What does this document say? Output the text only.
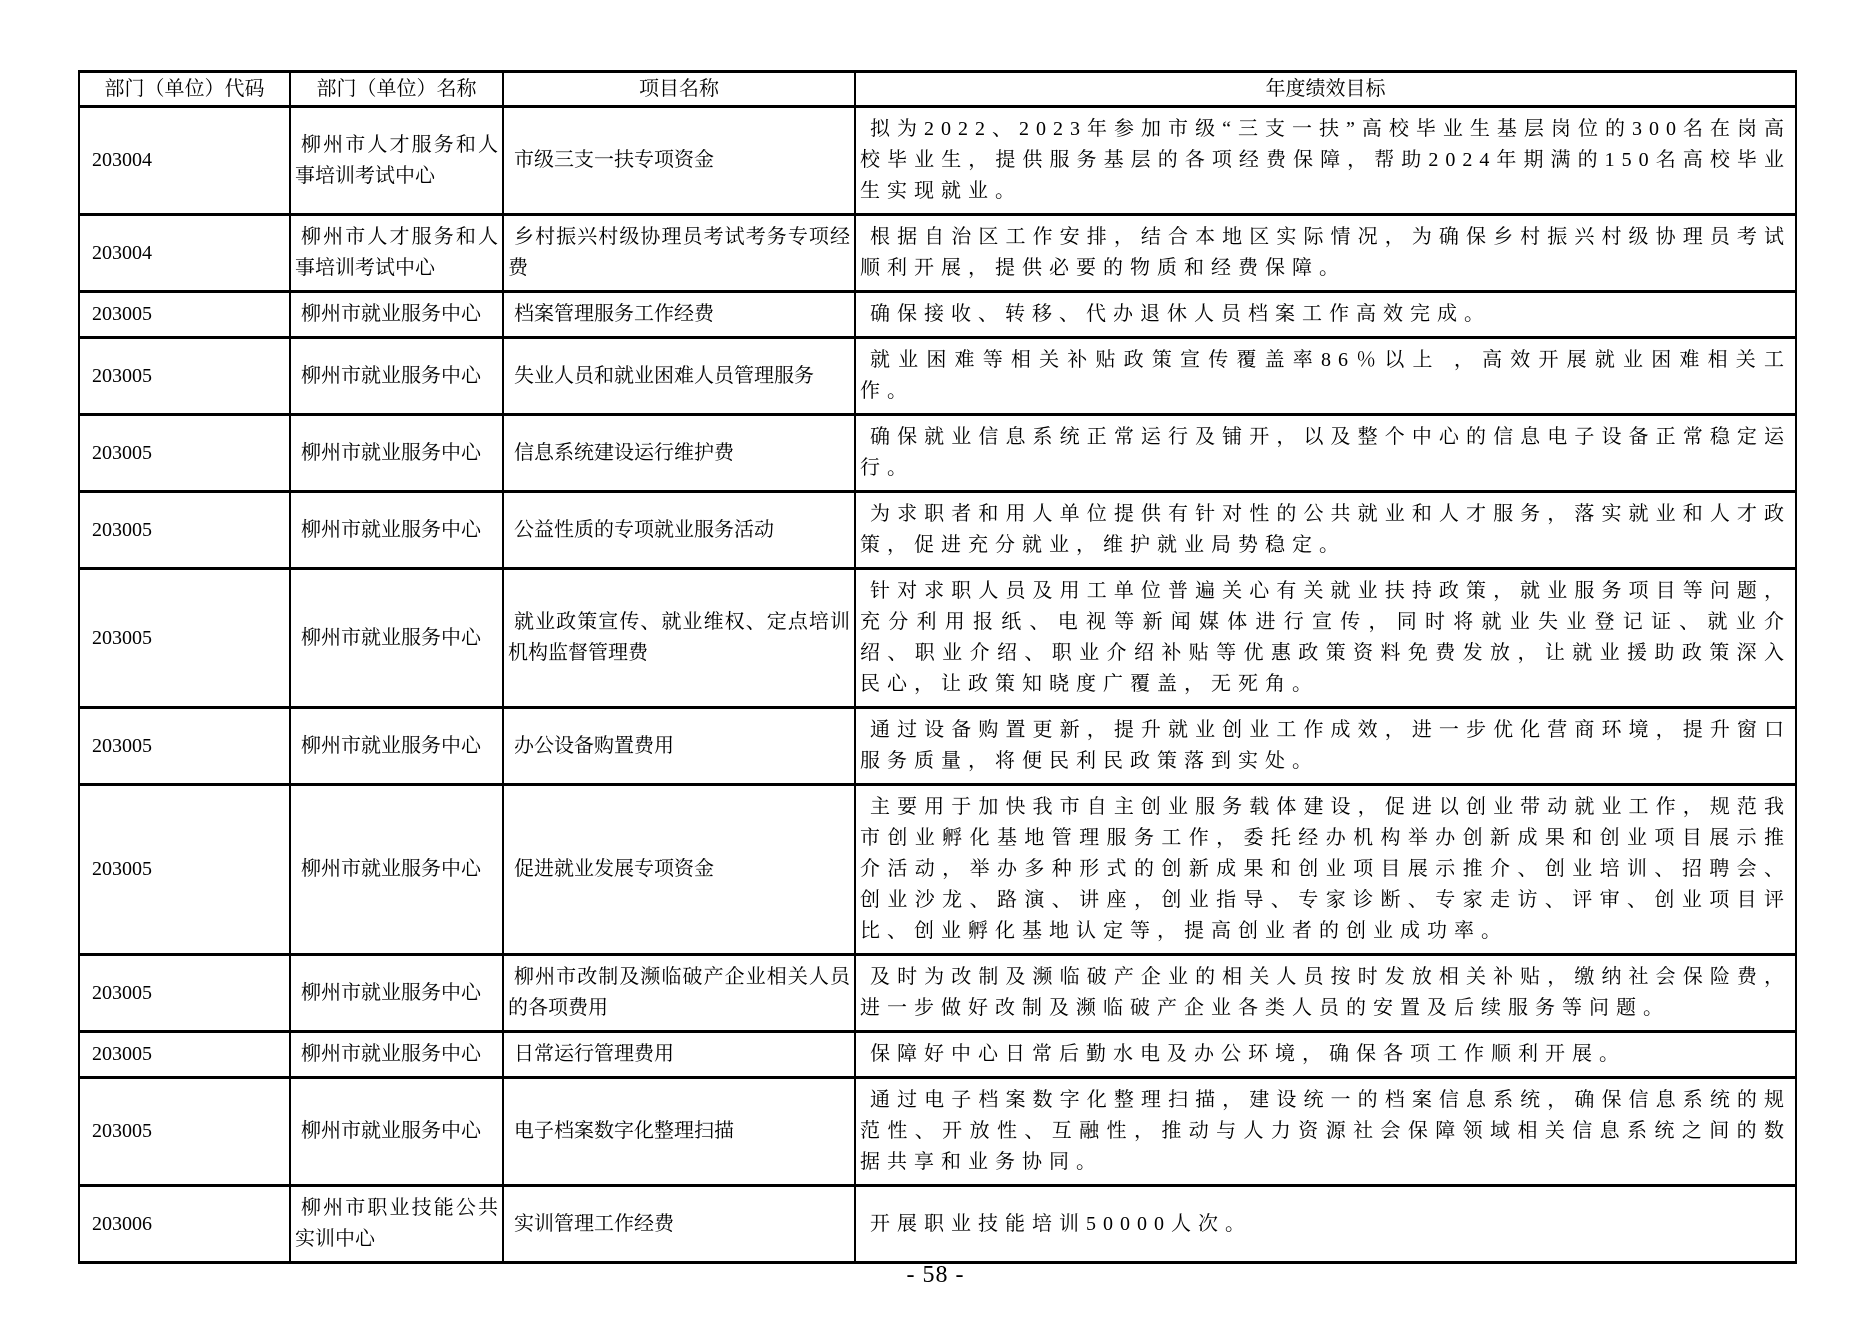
部门（单位）代码	部门（单位）名称	项目名称	年度绩效目标
203004	柳州市人才服务和人事培训考试中心	市级三支一扶专项资金	拟为2022、2023年参加市级“三支一扶”高校毕业生基层岗位的300名在岗高校毕业生，提供服务基层的各项经费保障，帮助2024年期满的150名高校毕业生实现就业。
203004	柳州市人才服务和人事培训考试中心	乡村振兴村级协理员考试考务专项经费	根据自治区工作安排，结合本地区实际情况，为确保乡村振兴村级协理员考试顺利开展，提供必要的物质和经费保障。
203005	柳州市就业服务中心	档案管理服务工作经费	确保接收、转移、代办退休人员档案工作高效完成。
203005	柳州市就业服务中心	失业人员和就业困难人员管理服务	就业困难等相关补贴政策宣传覆盖率86％以上 ，高效开展就业困难相关工作。
203005	柳州市就业服务中心	信息系统建设运行维护费	确保就业信息系统正常运行及铺开，以及整个中心的信息电子设备正常稳定运行。
203005	柳州市就业服务中心	公益性质的专项就业服务活动	为求职者和用人单位提供有针对性的公共就业和人才服务，落实就业和人才政策，促进充分就业，维护就业局势稳定。
203005	柳州市就业服务中心	就业政策宣传、就业维权、定点培训机构监督管理费	针对求职人员及用工单位普遍关心有关就业扶持政策，就业服务项目等问题，充分利用报纸、电视等新闻媒体进行宣传，同时将就业失业登记证、就业介绍、职业介绍、职业介绍补贴等优惠政策资料免费发放，让就业援助政策深入民心，让政策知晓度广覆盖，无死角。
203005	柳州市就业服务中心	办公设备购置费用	通过设备购置更新，提升就业创业工作成效，进一步优化营商环境，提升窗口服务质量，将便民利民政策落到实处。
203005	柳州市就业服务中心	促进就业发展专项资金	主要用于加快我市自主创业服务载体建设，促进以创业带动就业工作，规范我市创业孵化基地管理服务工作，委托经办机构举办创新成果和创业项目展示推介活动，举办多种形式的创新成果和创业项目展示推介、创业培训、招聘会、创业沙龙、路演、讲座，创业指导、专家诊断、专家走访、评审、创业项目评比、创业孵化基地认定等，提高创业者的创业成功率。
203005	柳州市就业服务中心	柳州市改制及濒临破产企业相关人员的各项费用	及时为改制及濒临破产企业的相关人员按时发放相关补贴，缴纳社会保险费，进一步做好改制及濒临破产企业各类人员的安置及后续服务等问题。
203005	柳州市就业服务中心	日常运行管理费用	保障好中心日常后勤水电及办公环境，确保各项工作顺利开展。
203005	柳州市就业服务中心	电子档案数字化整理扫描	通过电子档案数字化整理扫描，建设统一的档案信息系统，确保信息系统的规范性、开放性、互融性，推动与人力资源社会保障领域相关信息系统之间的数据共享和业务协同。
203006	柳州市职业技能公共实训中心	实训管理工作经费	开展职业技能培训50000人次。
- 58 -
